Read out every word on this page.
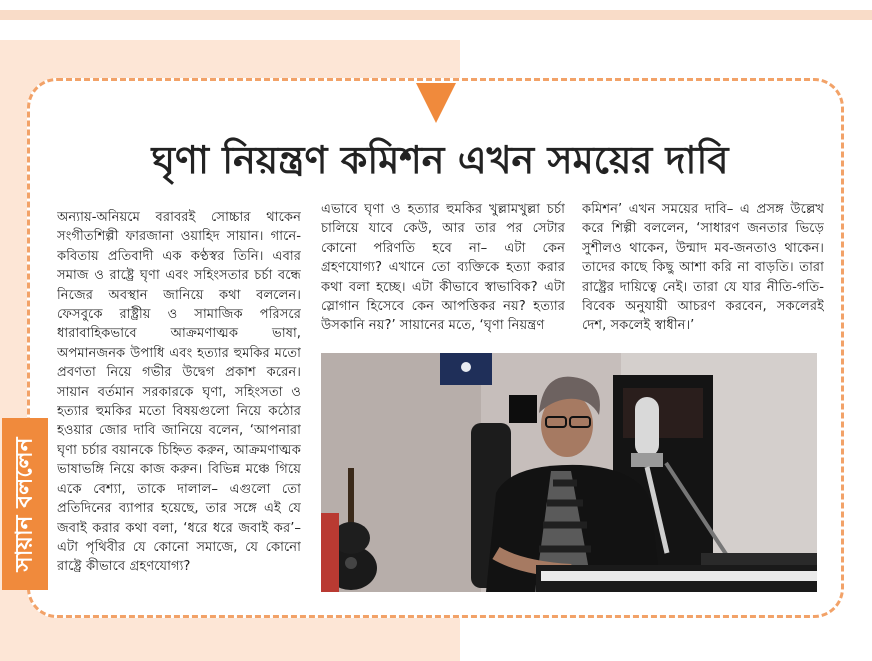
ঘৃণা নিয়ন্ত্রণ কমিশন এখন সময়ের দাবি
সায়ান বললেন

অন্যায়-অনিয়মে বরাবরই সোচ্চার থাকেন সংগীতশিল্পী ফারজানা ওয়াহিদ সায়ান। গানে-কবিতায় প্রতিবাদী এক কণ্ঠস্বর তিনি। এবার সমাজ ও রাষ্ট্রে ঘৃণা এবং সহিংসতার চর্চা বন্ধে নিজের অবস্থান জানিয়ে কথা বললেন। ফেসবুকে রাষ্ট্রীয় ও সামাজিক পরিসরে ধারাবাহিকভাবে আক্রমণাত্মক ভাষা, অপমানজনক উপাধি এবং হত্যার হুমকির মতো প্রবণতা নিয়ে গভীর উদ্বেগ প্রকাশ করেন। সায়ান বর্তমান সরকারকে ঘৃণা, সহিংসতা ও হত্যার হুমকির মতো বিষয়গুলো নিয়ে কঠোর হওয়ার জোর দাবি জানিয়ে বলেন, ‘আপনারা ঘৃণা চর্চার বয়ানকে চিহ্নিত করুন, আক্রমণাত্মক ভাষাভঙ্গি নিয়ে কাজ করুন। বিভিন্ন মঞ্চে গিয়ে একে বেশ্যা, তাকে দালাল– এগুলো তো প্রতিদিনের ব্যাপার হয়েছে, তার সঙ্গে এই যে জবাই করার কথা বলা, ‘ধরে ধরে জবাই কর’– এটা পৃথিবীর যে কোনো সমাজে, যে কোনো রাষ্ট্রে কীভাবে গ্রহণযোগ্য?

এভাবে ঘৃণা ও হত্যার হুমকির খুল্লামখুল্লা চর্চা চালিয়ে যাবে কেউ, আর তার পর সেটার কোনো পরিণতি হবে না– এটা কেন গ্রহণযোগ্য? এখানে তো ব্যক্তিকে হত্যা করার কথা বলা হচ্ছে। এটা কীভাবে স্বাভাবিক? এটা স্লোগান হিসেবে কেন আপত্তিকর নয়? হত্যার উসকানি নয়?’ সায়ানের মতে, ‘ঘৃণা নিয়ন্ত্রণ

কমিশন’ এখন সময়ের দাবি– এ প্রসঙ্গ উল্লেখ করে শিল্পী বললেন, ‘সাধারণ জনতার ভিড়ে সুশীলও থাকেন, উন্মাদ মব-জনতাও থাকেন। তাদের কাছে কিছু আশা করি না বাড়তি। তারা রাষ্ট্রের দায়িত্বে নেই। তারা যে যার নীতি-গতি-বিবেক অনুযায়ী আচরণ করবেন, সকলেরই দেশ, সকলেই স্বাধীন।’
